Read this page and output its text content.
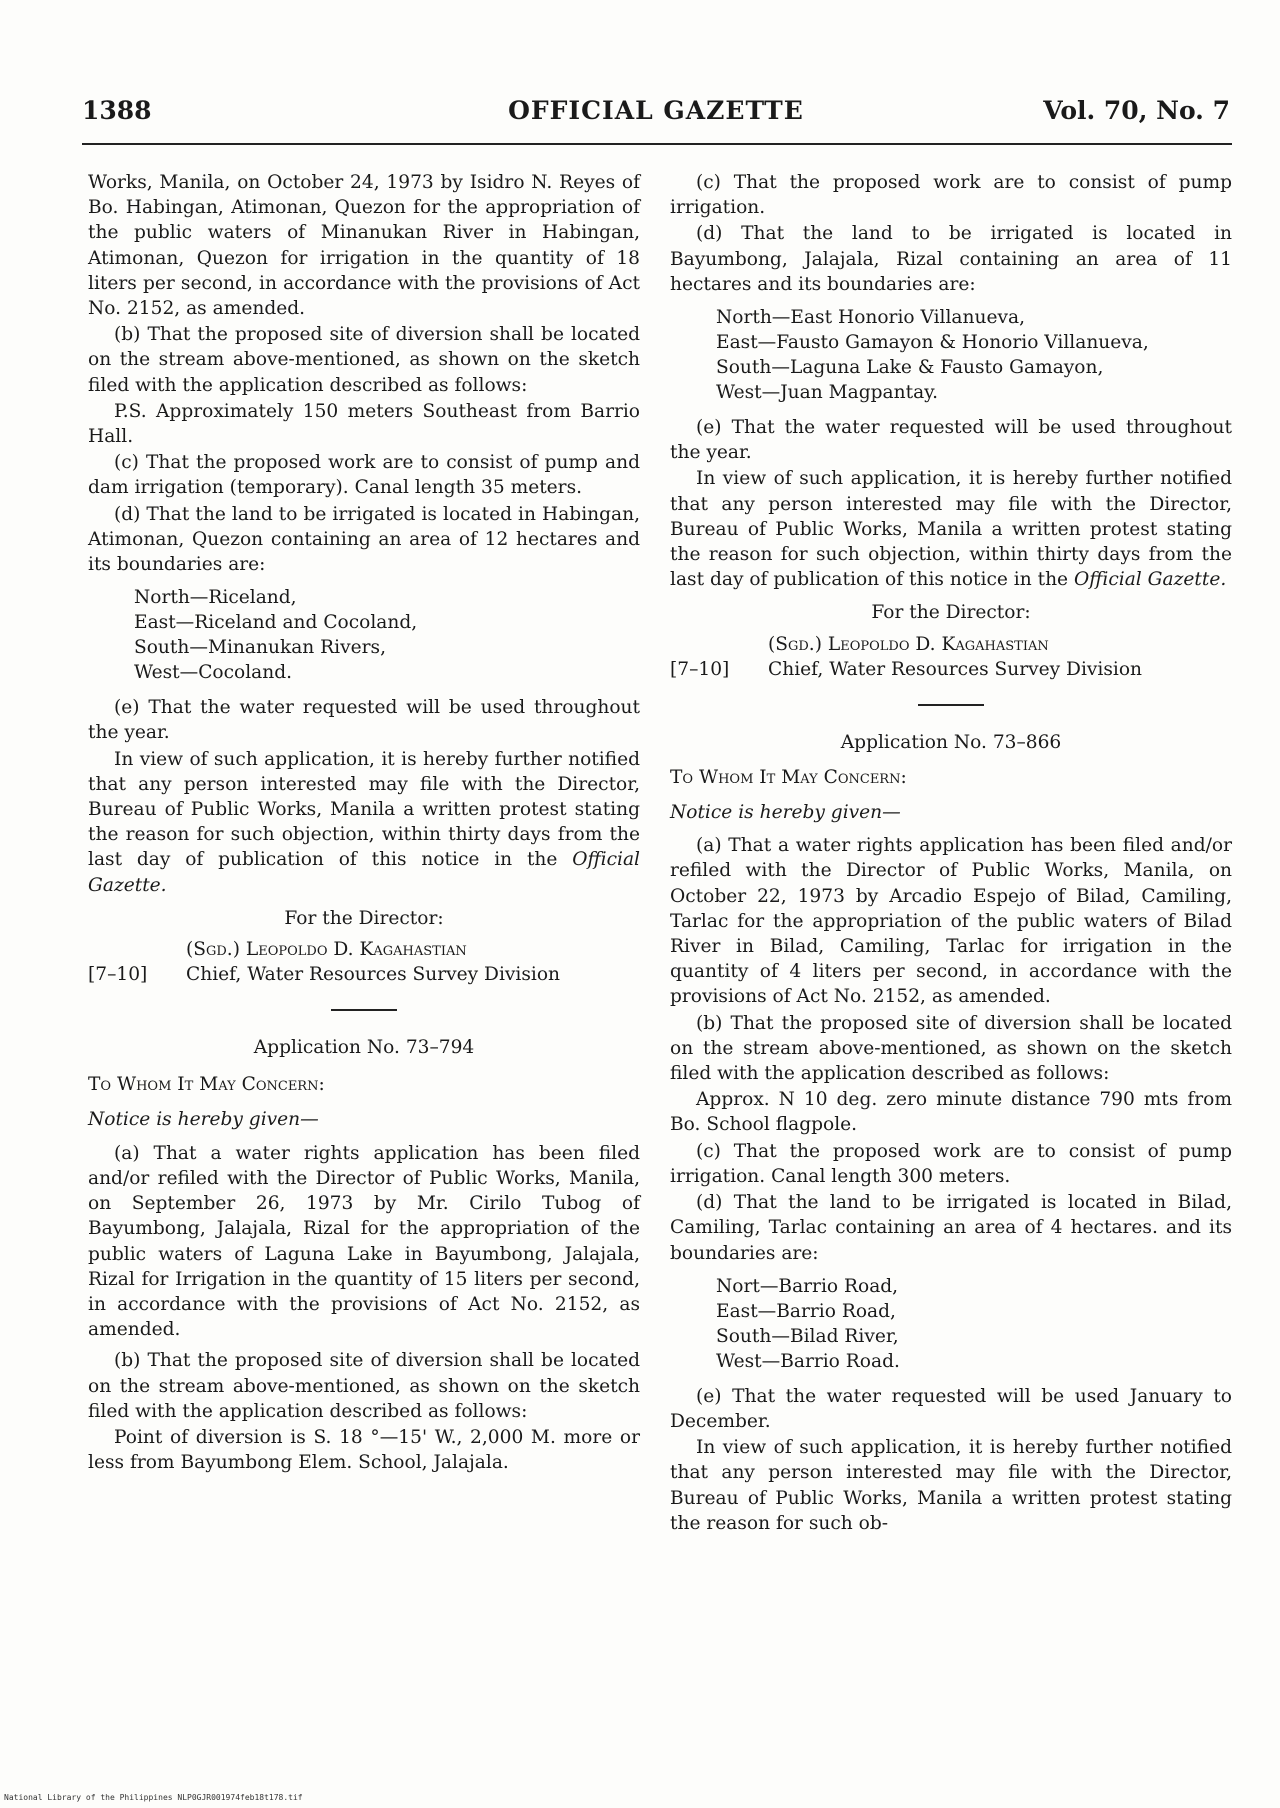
1388	OFFICIAL GAZETTE	Vol. 70, No. 7

Works, Manila, on October 24, 1973 by Isidro N. Reyes of Bo. Habingan, Atimonan, Quezon for the appropriation of the public waters of Minanukan River in Habingan, Atimonan, Quezon for irrigation in the quantity of 18 liters per second, in accordance with the provisions of Act No. 2152, as amended.

(b) That the proposed site of diversion shall be located on the stream above-mentioned, as shown on the sketch filed with the application described as follows:

P.S. Approximately 150 meters Southeast from Barrio Hall.

(c) That the proposed work are to consist of pump and dam irrigation (temporary). Canal length 35 meters.

(d) That the land to be irrigated is located in Habingan, Atimonan, Quezon containing an area of 12 hectares and its boundaries are:

North—Riceland,
East—Riceland and Cocoland,
South—Minanukan Rivers,
West—Cocoland.

(e) That the water requested will be used throughout the year.

In view of such application, it is hereby further notified that any person interested may file with the Director, Bureau of Public Works, Manila a written protest stating the reason for such objection, within thirty days from the last day of publication of this notice in the Official Gazette.

For the Director:

(Sgd.) Leopoldo D. Kagahastian
[7–10]	Chief, Water Resources Survey Division

Application No. 73–794

To Whom It May Concern:

Notice is hereby given—

(a) That a water rights application has been filed and/or refiled with the Director of Public Works, Manila, on September 26, 1973 by Mr. Cirilo Tubog of Bayumbong, Jalajala, Rizal for the appropriation of the public waters of Laguna Lake in Bayumbong, Jalajala, Rizal for Irrigation in the quantity of 15 liters per second, in accordance with the provisions of Act No. 2152, as amended.

(b) That the proposed site of diversion shall be located on the stream above-mentioned, as shown on the sketch filed with the application described as follows:

Point of diversion is S. 18 °—15' W., 2,000 M. more or less from Bayumbong Elem. School, Jalajala.

(c) That the proposed work are to consist of pump irrigation.

(d) That the land to be irrigated is located in Bayumbong, Jalajala, Rizal containing an area of 11 hectares and its boundaries are:

North—East Honorio Villanueva,
East—Fausto Gamayon & Honorio Villanueva,
South—Laguna Lake & Fausto Gamayon,
West—Juan Magpantay.

(e) That the water requested will be used throughout the year.

In view of such application, it is hereby further notified that any person interested may file with the Director, Bureau of Public Works, Manila a written protest stating the reason for such objection, within thirty days from the last day of publication of this notice in the Official Gazette.

For the Director:

(Sgd.) Leopoldo D. Kagahastian
[7–10]	Chief, Water Resources Survey Division

Application No. 73–866

To Whom It May Concern:

Notice is hereby given—

(a) That a water rights application has been filed and/or refiled with the Director of Public Works, Manila, on October 22, 1973 by Arcadio Espejo of Bilad, Camiling, Tarlac for the appropriation of the public waters of Bilad River in Bilad, Camiling, Tarlac for irrigation in the quantity of 4 liters per second, in accordance with the provisions of Act No. 2152, as amended.

(b) That the proposed site of diversion shall be located on the stream above-mentioned, as shown on the sketch filed with the application described as follows:

Approx. N 10 deg. zero minute distance 790 mts from Bo. School flagpole.

(c) That the proposed work are to consist of pump irrigation. Canal length 300 meters.

(d) That the land to be irrigated is located in Bilad, Camiling, Tarlac containing an area of 4 hectares. and its boundaries are:

Nort—Barrio Road,
East—Barrio Road,
South—Bilad River,
West—Barrio Road.

(e) That the water requested will be used January to December.

In view of such application, it is hereby further notified that any person interested may file with the Director, Bureau of Public Works, Manila a written protest stating the reason for such ob-

National Library of the Philippines NLP0GJR001974feb18t178.tif
